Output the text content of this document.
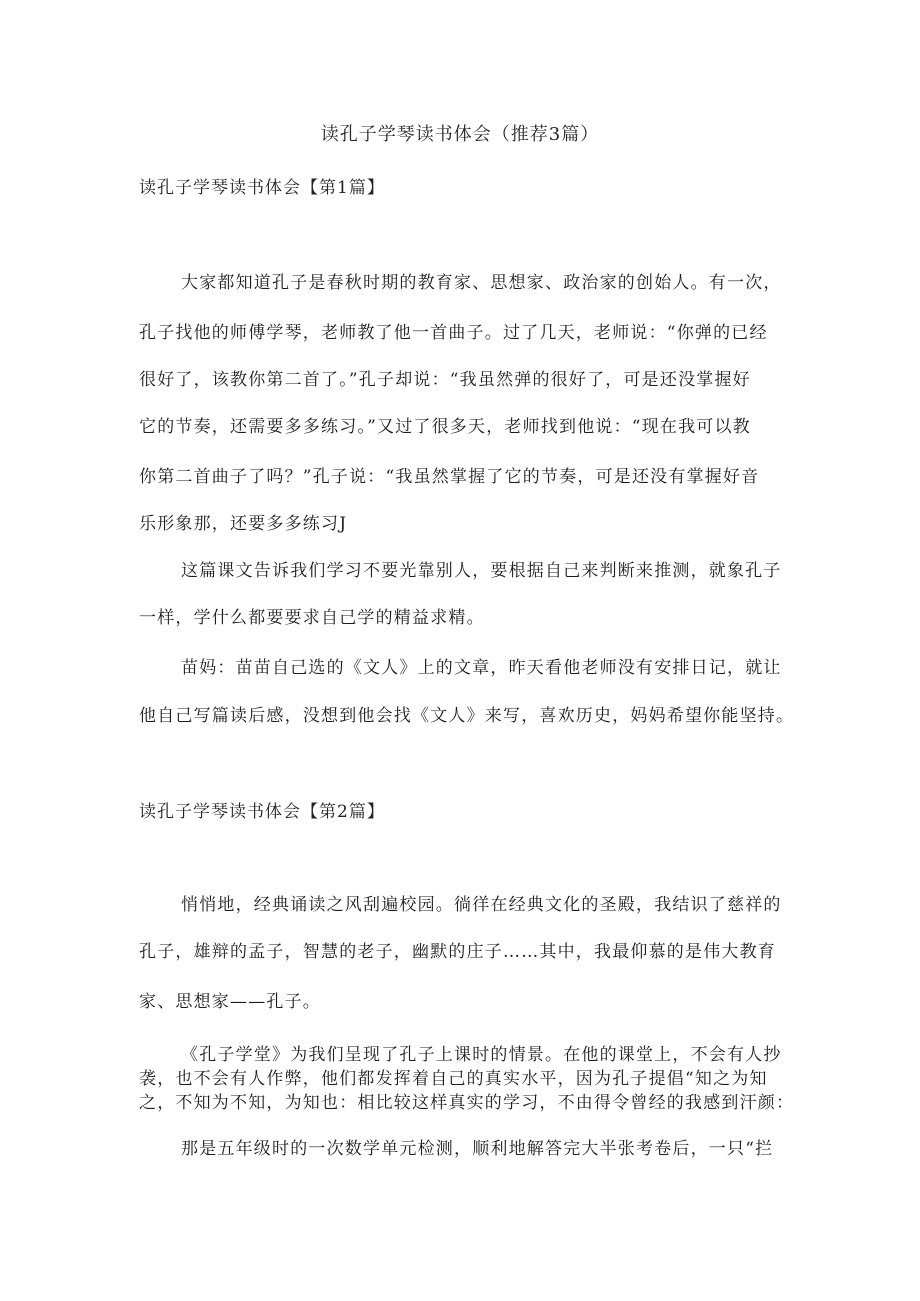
读孔子学琴读书体会（推荐3篇）
读孔子学琴读书体会【第1篇】
大家都知道孔子是春秋时期的教育家、思想家、政治家的创始人。有一次，
孔子找他的师傅学琴，老师教了他一首曲子。过了几天，老师说：“你弹的已经
很好了，该教你第二首了。”孔子却说：“我虽然弹的很好了，可是还没掌握好
它的节奏，还需要多多练习。”又过了很多天，老师找到他说：“现在我可以教
你第二首曲子了吗？”孔子说：“我虽然掌握了它的节奏，可是还没有掌握好音
乐形象那，还要多多练习J
这篇课文告诉我们学习不要光靠别人，要根据自己来判断来推测，就象孔子
一样，学什么都要要求自己学的精益求精。
苗妈：苗苗自己选的《文人》上的文章，昨天看他老师没有安排日记，就让
他自己写篇读后感，没想到他会找《文人》来写，喜欢历史，妈妈希望你能坚持。
读孔子学琴读书体会【第2篇】
悄悄地，经典诵读之风刮遍校园。徜徉在经典文化的圣殿，我结识了慈祥的
孔子，雄辩的孟子，智慧的老子，幽默的庄子……其中，我最仰慕的是伟大教育
家、思想家——孔子。
《孔子学堂》为我们呈现了孔子上课时的情景。在他的课堂上，不会有人抄
袭，也不会有人作弊，他们都发挥着自己的真实水平，因为孔子提倡“知之为知
之，不知为不知，为知也：相比较这样真实的学习，不由得令曾经的我感到汗颜：
那是五年级时的一次数学单元检测，顺利地解答完大半张考卷后，一只“拦
